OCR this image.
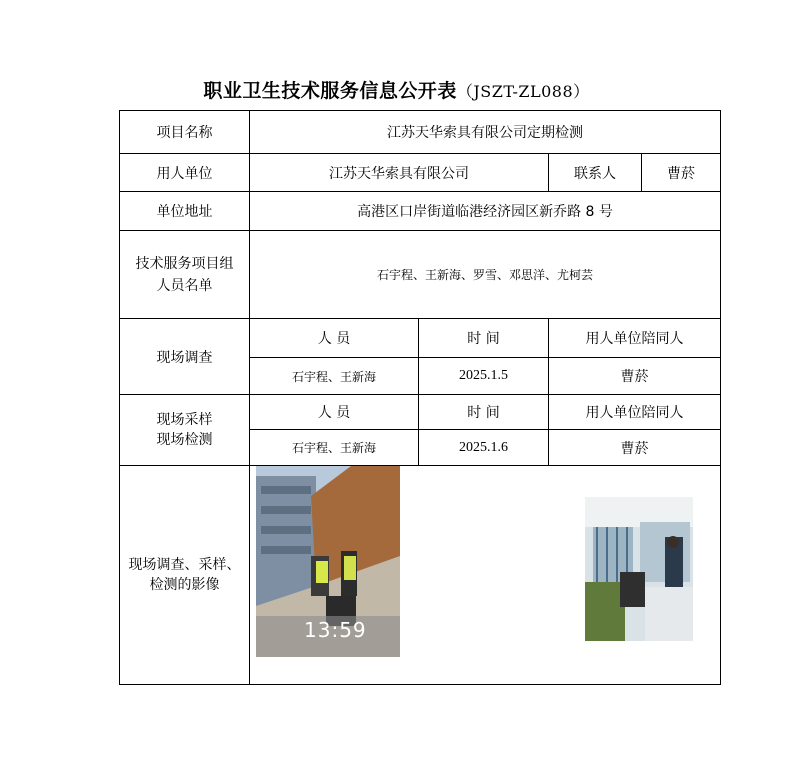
职业卫生技术服务信息公开表（JSZT-ZL088）
项目名称	江苏天华索具有限公司定期检测			
用人单位	江苏天华索具有限公司		联系人	曹菸
单位地址	高港区口岸街道临港经济园区新乔路 8 号			
技术服务项目组人员名单	石宇程、王新海、罗雪、邓思洋、尤柯芸			
现场调查	人 员	时 间	用人单位陪同人	
	石宇程、王新海	2025.1.5	曹菸	
现场采样现场检测	人 员	时 间	用人单位陪同人	
	石宇程、王新海	2025.1.6	曹菸	
现场调查、采样、检测的影像	13:59			
